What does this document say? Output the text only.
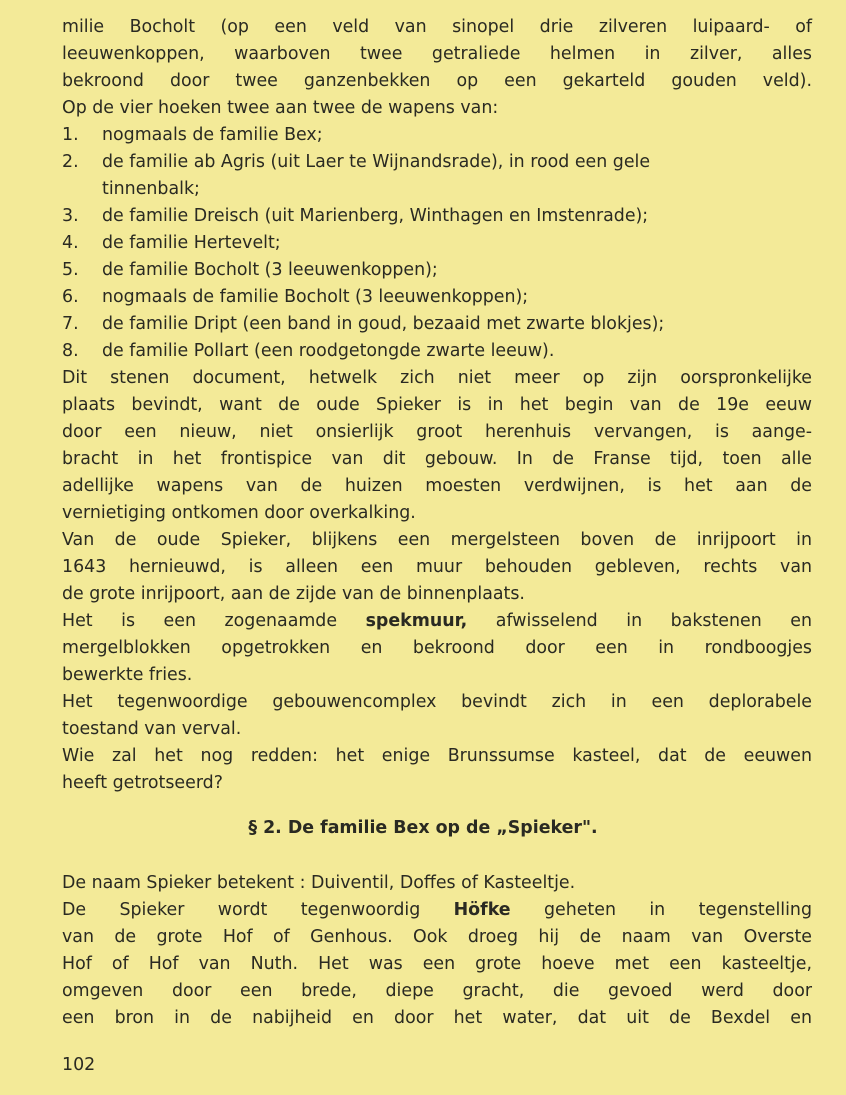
milie Bocholt (op een veld van sinopel drie zilveren luipaard- of
leeuwenkoppen, waarboven twee getraliede helmen in zilver, alles
bekroond door twee ganzenbekken op een gekarteld gouden veld).
Op de vier hoeken twee aan twee de wapens van:
1. nogmaals de familie Bex;
2. de familie ab Agris (uit Laer te Wijnandsrade), in rood een gele
tinnenbalk;
3. de familie Dreisch (uit Marienberg, Winthagen en Imstenrade);
4. de familie Hertevelt;
5. de familie Bocholt (3 leeuwenkoppen);
6. nogmaals de familie Bocholt (3 leeuwenkoppen);
7. de familie Dript (een band in goud, bezaaid met zwarte blokjes);
8. de familie Pollart (een roodgetongde zwarte leeuw).
Dit stenen document, hetwelk zich niet meer op zijn oorspronkelijke
plaats bevindt, want de oude Spieker is in het begin van de 19e eeuw
door een nieuw, niet onsierlijk groot herenhuis vervangen, is aange-
bracht in het frontispice van dit gebouw. In de Franse tijd, toen alle
adellijke wapens van de huizen moesten verdwijnen, is het aan de
vernietiging ontkomen door overkalking.
Van de oude Spieker, blijkens een mergelsteen boven de inrijpoort in
1643 hernieuwd, is alleen een muur behouden gebleven, rechts van
de grote inrijpoort, aan de zijde van de binnenplaats.
Het is een zogenaamde spekmuur, afwisselend in bakstenen en
mergelblokken opgetrokken en bekroond door een in rondboogjes
bewerkte fries.
Het tegenwoordige gebouwencomplex bevindt zich in een deplorabele
toestand van verval.
Wie zal het nog redden: het enige Brunssumse kasteel, dat de eeuwen
heeft getrotseerd?
§ 2. De familie Bex op de „Spieker".
De naam Spieker betekent : Duiventil, Doffes of Kasteeltje.
De Spieker wordt tegenwoordig Höfke geheten in tegenstelling
van de grote Hof of Genhous. Ook droeg hij de naam van Overste
Hof of Hof van Nuth. Het was een grote hoeve met een kasteeltje,
omgeven door een brede, diepe gracht, die gevoed werd door
een bron in de nabijheid en door het water, dat uit de Bexdel en
102
